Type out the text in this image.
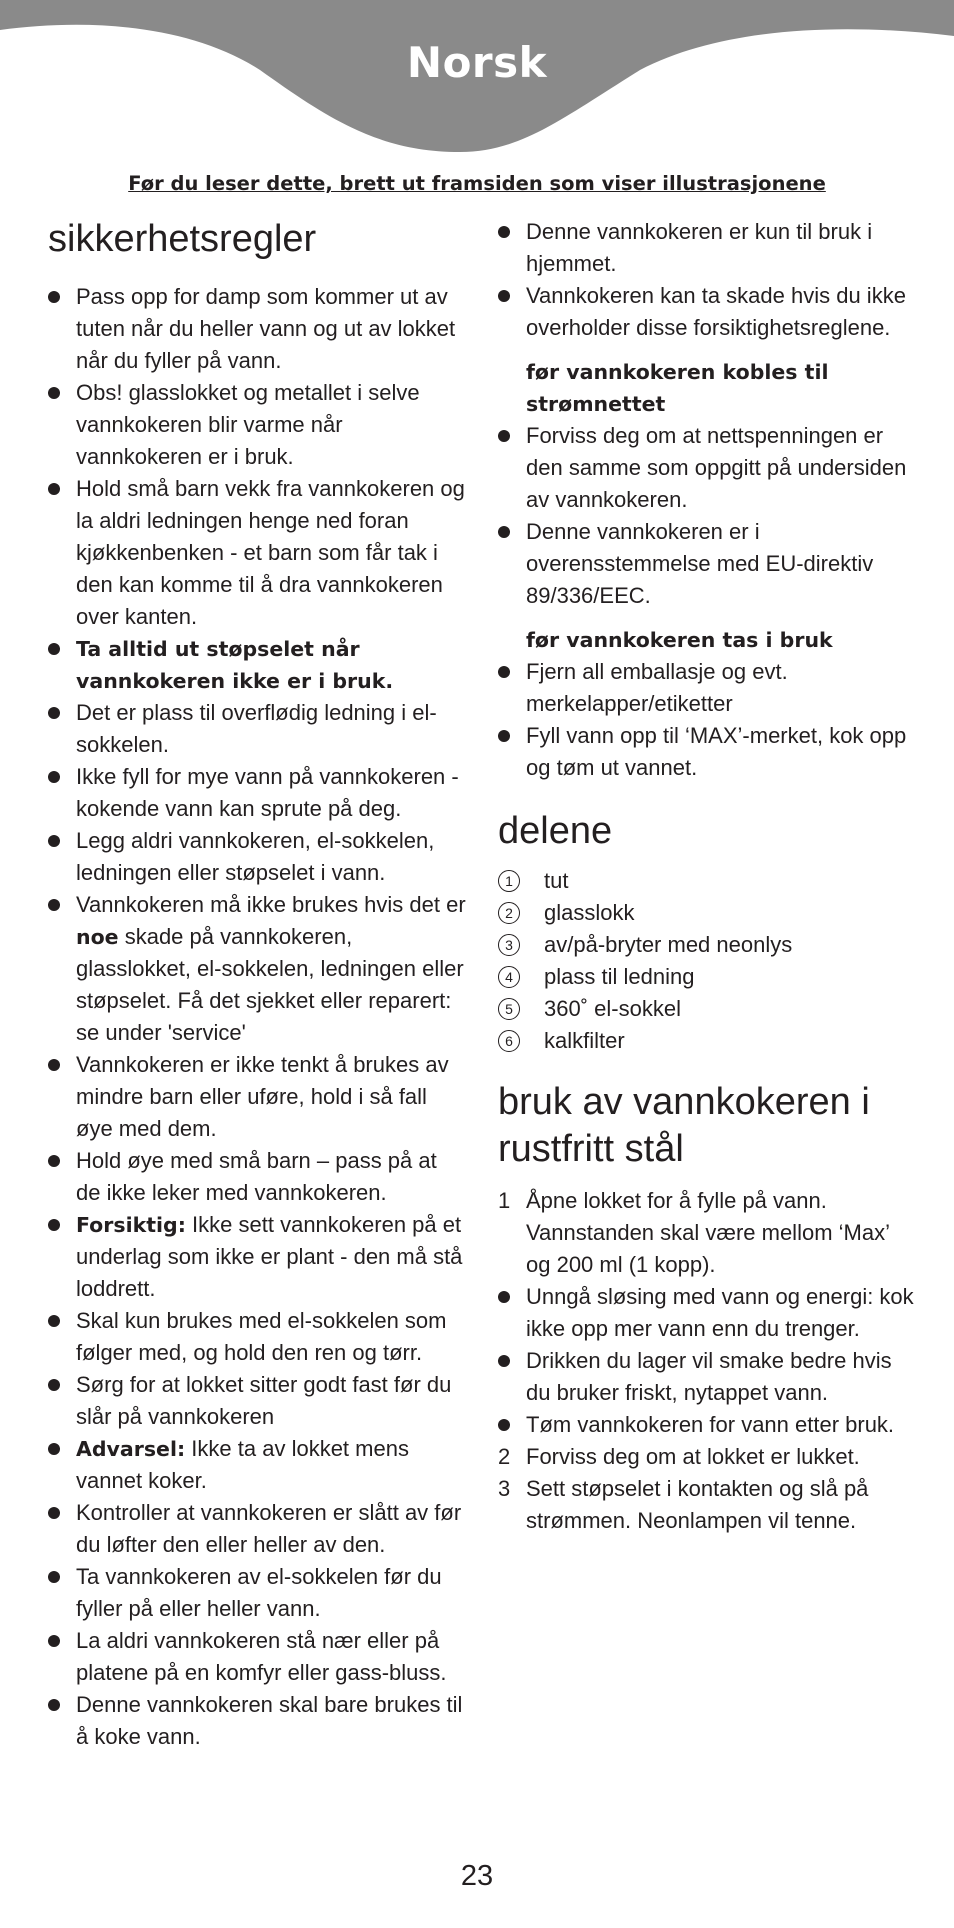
Norsk
Før du leser dette, brett ut framsiden som viser illustrasjonene
sikkerhetsregler
Pass opp for damp som kommer ut av tuten når du heller vann og ut av lokket når du fyller på vann.
Obs! glasslokket og metallet i selve vannkokeren blir varme når vannkokeren er i bruk.
Hold små barn vekk fra vannkokeren og la aldri ledningen henge ned foran kjøkkenbenken - et barn som får tak i den kan komme til å dra vannkokeren over kanten.
Ta alltid ut støpselet når vannkokeren ikke er i bruk.
Det er plass til overflødig ledning i el-sokkelen.
Ikke fyll for mye vann på vannkokeren - kokende vann kan sprute på deg.
Legg aldri vannkokeren, el-sokkelen, ledningen eller støpselet i vann.
Vannkokeren må ikke brukes hvis det er noe skade på vannkokeren, glasslokket, el-sokkelen, ledningen eller støpselet. Få det sjekket eller reparert: se under 'service'
Vannkokeren er ikke tenkt å brukes av mindre barn eller uføre, hold i så fall øye med dem.
Hold øye med små barn – pass på at de ikke leker med vannkokeren.
Forsiktig: Ikke sett vannkokeren på et underlag som ikke er plant - den må stå loddrett.
Skal kun brukes med el-sokkelen som følger med, og hold den ren og tørr.
Sørg for at lokket sitter godt fast før du slår på vannkokeren
Advarsel: Ikke ta av lokket mens vannet koker.
Kontroller at vannkokeren er slått av før du løfter den eller heller av den.
Ta vannkokeren av el-sokkelen før du fyller på eller heller vann.
La aldri vannkokeren stå nær eller på platene på en komfyr eller gass-bluss.
Denne vannkokeren skal bare brukes til å koke vann.
Denne vannkokeren er kun til bruk i hjemmet.
Vannkokeren kan ta skade hvis du ikke overholder disse forsiktighetsreglene.
før vannkokeren kobles til strømnettet
Forviss deg om at nettspenningen er den samme som oppgitt på undersiden av vannkokeren.
Denne vannkokeren er i overensstemmelse med EU-direktiv 89/336/EEC.
før vannkokeren tas i bruk
Fjern all emballasje og evt. merkelapper/etiketter
Fyll vann opp til ‘MAX’-merket, kok opp og tøm ut vannet.
delene
1	tut
2	glasslokk
3	av/på-bryter med neonlys
4	plass til ledning
5	360˚ el-sokkel
6	kalkfilter
bruk av vannkokeren i rustfritt stål
1 Åpne lokket for å fylle på vann. Vannstanden skal være mellom ‘Max’ og 200 ml (1 kopp).
Unngå sløsing med vann og energi: kok ikke opp mer vann enn du trenger.
Drikken du lager vil smake bedre hvis du bruker friskt, nytappet vann.
Tøm vannkokeren for vann etter bruk.
2 Forviss deg om at lokket er lukket.
3 Sett støpselet i kontakten og slå på strømmen. Neonlampen vil tenne.
23
